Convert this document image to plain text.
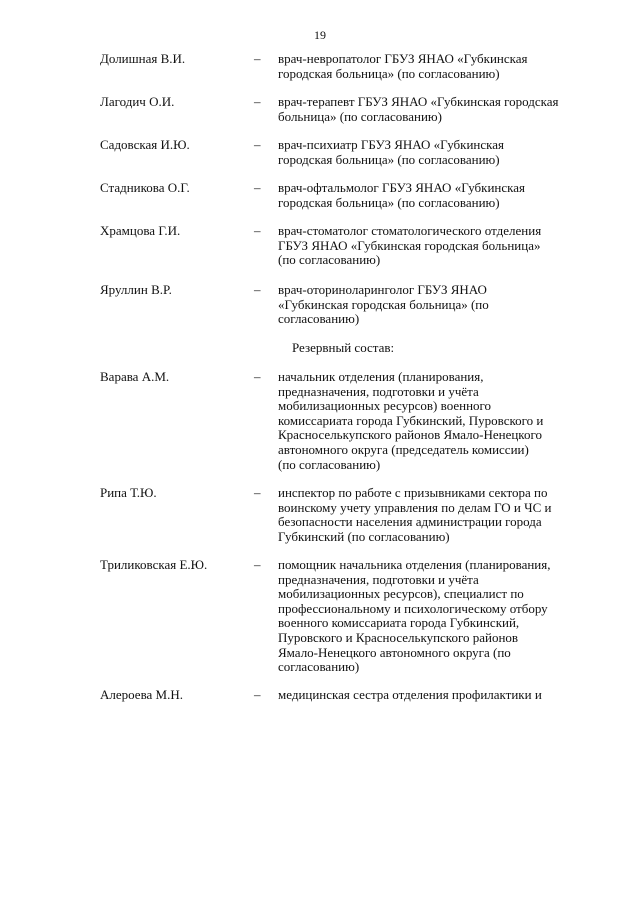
19
Долишная В.И.	– врач-невропатолог ГБУЗ ЯНАО «Губкинская
городская больница» (по согласованию)
Лагодич О.И.	– врач-терапевт ГБУЗ ЯНАО «Губкинская городская
больница» (по согласованию)
Садовская И.Ю.	– врач-психиатр ГБУЗ ЯНАО «Губкинская
городская больница» (по согласованию)
Стадникова О.Г.	– врач-офтальмолог ГБУЗ ЯНАО «Губкинская
городская больница» (по согласованию)
Храмцова Г.И.	– врач-стоматолог стоматологического отделения
ГБУЗ ЯНАО «Губкинская городская больница»
(по согласованию)
Яруллин В.Р.	– врач-оториноларинголог ГБУЗ ЯНАО
«Губкинская городская больница» (по
согласованию)
Резервный состав:
Варава А.М.	– начальник отделения (планирования,
предназначения, подготовки и учёта
мобилизационных ресурсов) военного
комиссариата города Губкинский, Пуровского и
Красноселькупского районов Ямало-Ненецкого
автономного округа (председатель комиссии)
(по согласованию)
Рипа Т.Ю.	– инспектор по работе с призывниками сектора по
воинскому учету управления по делам ГО и ЧС и
безопасности населения администрации города
Губкинский (по согласованию)
Триликовская Е.Ю.	– помощник начальника отделения (планирования,
предназначения, подготовки и учёта
мобилизационных ресурсов), специалист по
профессиональному и психологическому отбору
военного комиссариата города Губкинский,
Пуровского и Красноселькупского районов
Ямало-Ненецкого автономного округа (по
согласованию)
Алероева М.Н.	– медицинская сестра отделения профилактики и
